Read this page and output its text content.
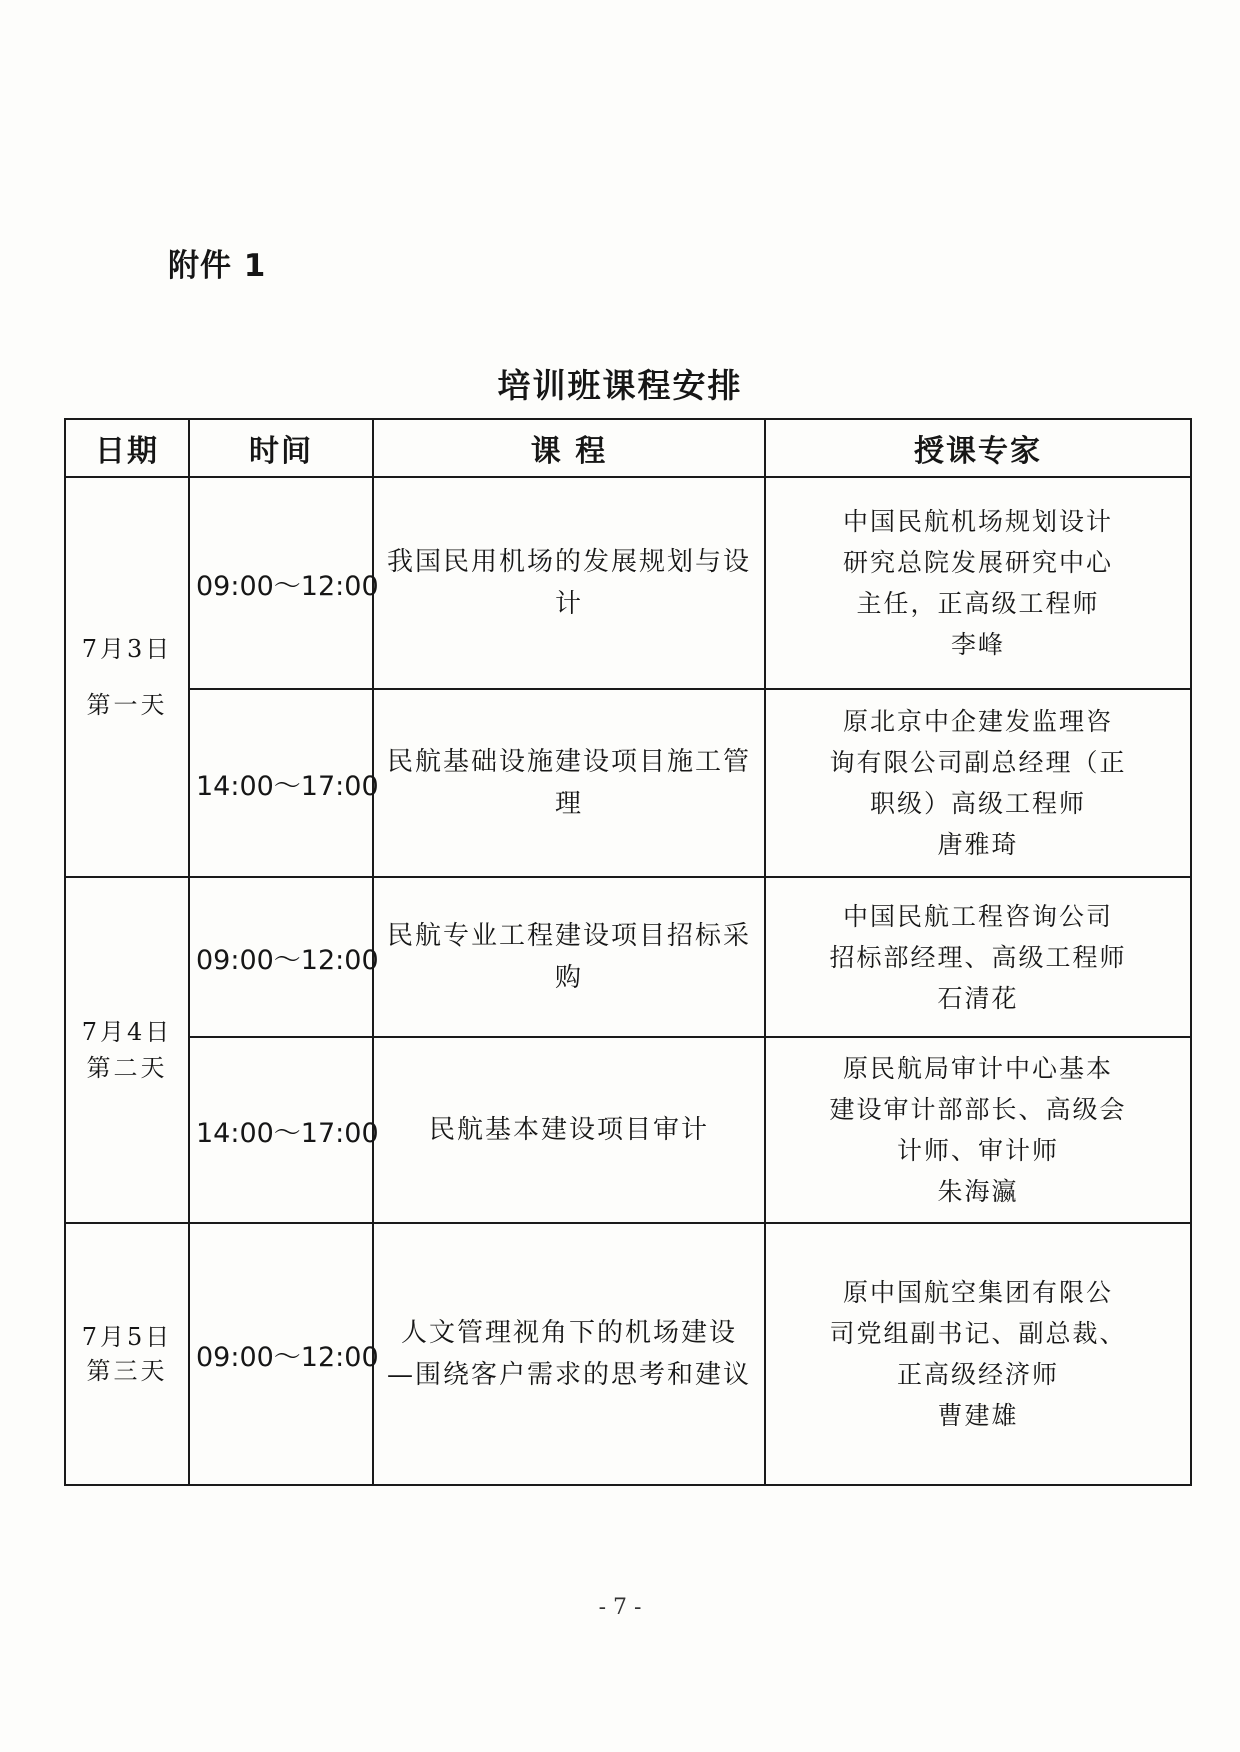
附件 1
培训班课程安排
日期	时间	课 程	授课专家

7月3日
第一天	09:00～12:00	我国民用机场的发展规划与设计	中国民航机场规划设计
研究总院发展研究中心
主任，正高级工程师
李峰

	14:00～17:00	民航基础设施建设项目施工管理	原北京中企建发监理咨
询有限公司副总经理（正
职级）高级工程师
唐雅琦

7月4日
第二天	09:00～12:00	民航专业工程建设项目招标采购	中国民航工程咨询公司
招标部经理、高级工程师
石清花

	14:00～17:00	民航基本建设项目审计	原民航局审计中心基本
建设审计部部长、高级会
计师、审计师
朱海瀛

7月5日
第三天	09:00～12:00	人文管理视角下的机场建设
—围绕客户需求的思考和建议	原中国航空集团有限公
司党组副书记、副总裁、
正高级经济师
曹建雄
- 7 -
